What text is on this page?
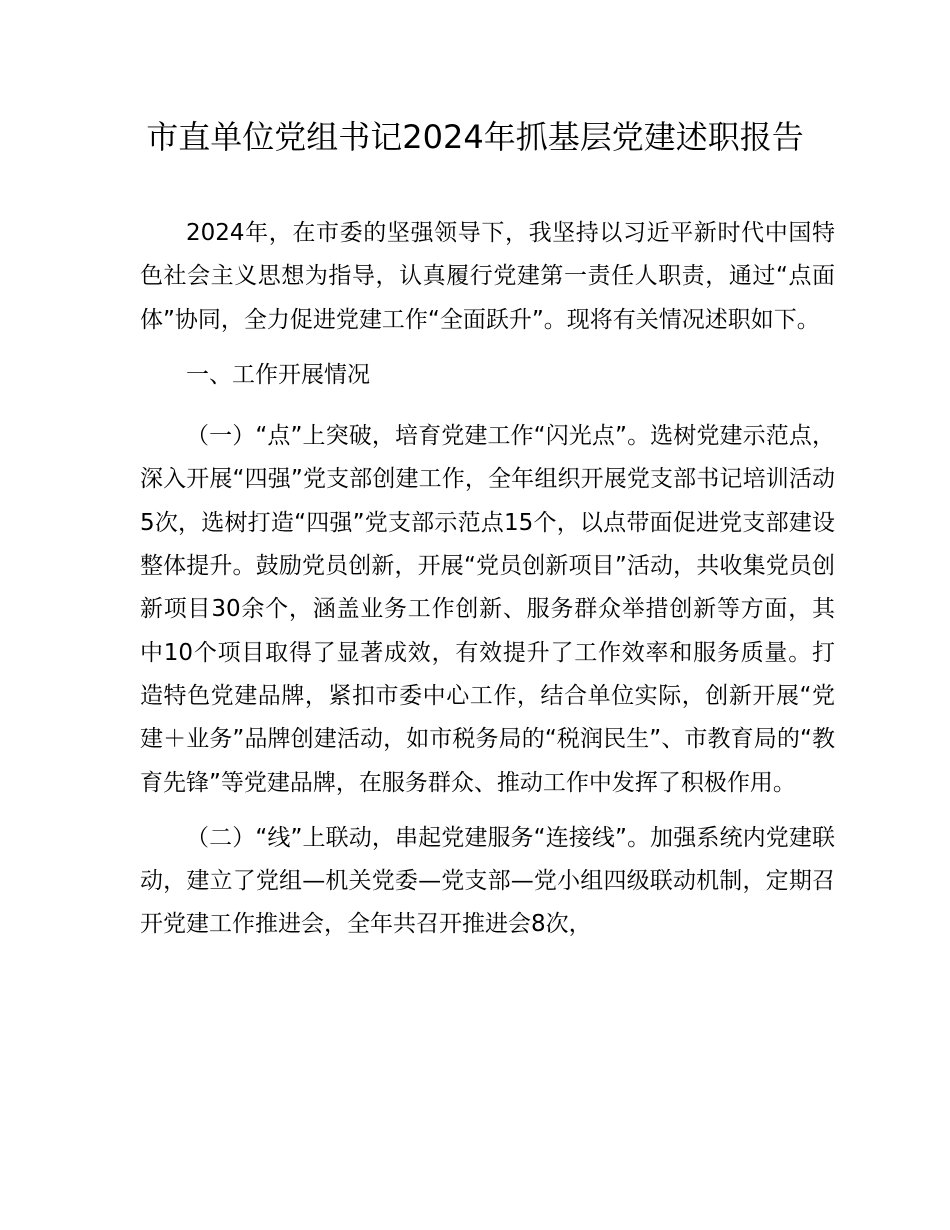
市直单位党组书记2024年抓基层党建述职报告

2024年，在市委的坚强领导下，我坚持以习近平新时代中国特色社会主义思想为指导，认真履行党建第一责任人职责，通过“点面体”协同，全力促进党建工作“全面跃升”。现将有关情况述职如下。

一、工作开展情况

（一）“点”上突破，培育党建工作“闪光点”。选树党建示范点，深入开展“四强”党支部创建工作，全年组织开展党支部书记培训活动5次，选树打造“四强”党支部示范点15个，以点带面促进党支部建设整体提升。鼓励党员创新，开展“党员创新项目”活动，共收集党员创新项目30余个，涵盖业务工作创新、服务群众举措创新等方面，其中10个项目取得了显著成效，有效提升了工作效率和服务质量。打造特色党建品牌，紧扣市委中心工作，结合单位实际，创新开展“党建＋业务”品牌创建活动，如市税务局的“税润民生”、市教育局的“教育先锋”等党建品牌，在服务群众、推动工作中发挥了积极作用。

（二）“线”上联动，串起党建服务“连接线”。加强系统内党建联动，建立了党组—机关党委—党支部—党小组四级联动机制，定期召开党建工作推进会，全年共召开推进会8次，
